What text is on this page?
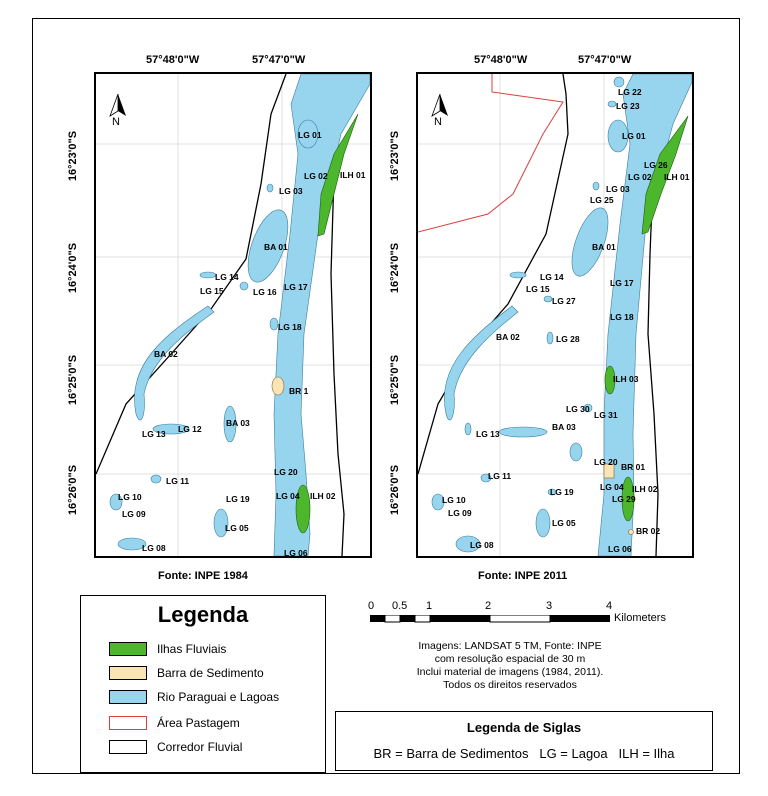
57°48'0"W	57°47'0"W	57°48'0"W	57°47'0"W
16°23'0"S
16°24'0"S
16°25'0"S
16°26'0"S
16°23'0"S
16°24'0"S
16°25'0"S
16°26'0"S
N
LG 01
LG 02 ILH 01
LG 03
BA 01
LG 14
LG 15	LG 16 LG 17
LG 18
BA 02
BR 1
BA 03
LG 13 LG 12
LG 20
LG 11
LG 10
LG 09
LG 19	LG 04 ILH 02
LG 05
LG 08	LG 06
N
LG 22
LG 23
LG 01
LG 26
LG 02 ILH 01
LG 03
LG 25
BA 01
LG 14
LG 15
LG 17
LG 27
LG 18
BA 02	LG 28
ILH 03
LG 30
LG 31
BA 03
LG 13
LG 20 BR 01
LG 11
LG 04 ILH 02
LG 10
LG 19
LG 29
LG 09
LG 05
BR 02
LG 08	LG 06
Fonte: INPE 1984	Fonte: INPE 2011
Legenda
Ilhas Fluviais
Barra de Sedimento
Rio Paraguai e Lagoas
Área Pastagem
Corredor Fluvial
0 0.5 1	2	3	4
Kilometers
Imagens: LANDSAT 5 TM, Fonte: INPE
com resolução espacial de 30 m
Inclui material de imagens (1984, 2011).
Todos os direitos reservados
Legenda de Siglas
BR = Barra de Sedimentos   LG = Lagoa   ILH = Ilha
